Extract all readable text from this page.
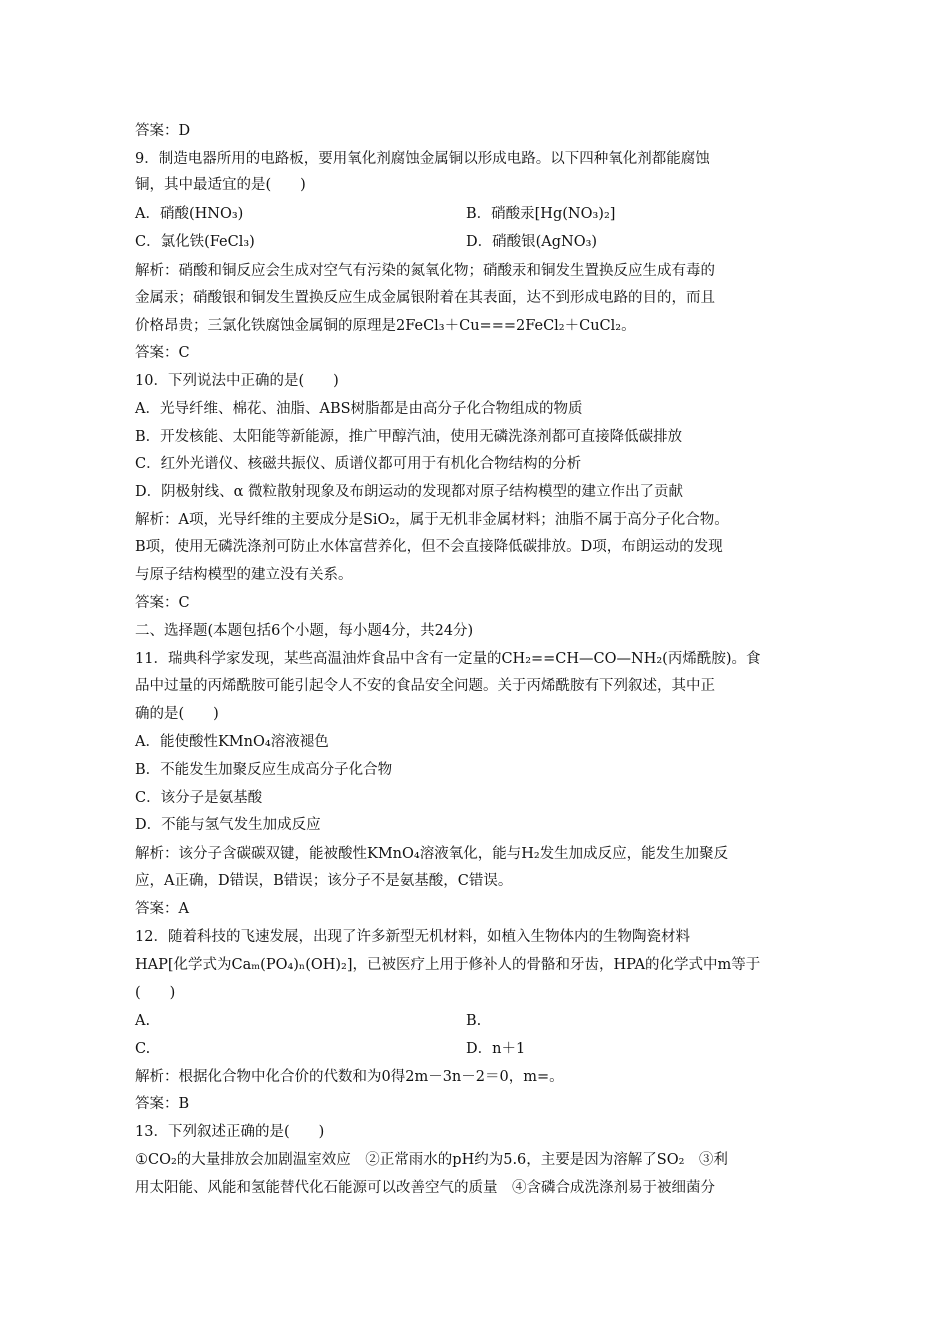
答案：D
9．制造电器所用的电路板，要用氧化剂腐蚀金属铜以形成电路。以下四种氧化剂都能腐蚀
铜，其中最适宜的是(　　)
A．硝酸(HNO₃)	B．硝酸汞[Hg(NO₃)₂]
C．氯化铁(FeCl₃)	D．硝酸银(AgNO₃)
解析：硝酸和铜反应会生成对空气有污染的氮氧化物；硝酸汞和铜发生置换反应生成有毒的
金属汞；硝酸银和铜发生置换反应生成金属银附着在其表面，达不到形成电路的目的，而且
价格昂贵；三氯化铁腐蚀金属铜的原理是2FeCl₃＋Cu===2FeCl₂＋CuCl₂。
答案：C
10．下列说法中正确的是(　　)
A．光导纤维、棉花、油脂、ABS树脂都是由高分子化合物组成的物质
B．开发核能、太阳能等新能源，推广甲醇汽油，使用无磷洗涤剂都可直接降低碳排放
C．红外光谱仪、核磁共振仪、质谱仪都可用于有机化合物结构的分析
D．阴极射线、α 微粒散射现象及布朗运动的发现都对原子结构模型的建立作出了贡献
解析：A项，光导纤维的主要成分是SiO₂，属于无机非金属材料；油脂不属于高分子化合物。
B项，使用无磷洗涤剂可防止水体富营养化，但不会直接降低碳排放。D项，布朗运动的发现
与原子结构模型的建立没有关系。
答案：C
二、选择题(本题包括6个小题，每小题4分，共24分)
11．瑞典科学家发现，某些高温油炸食品中含有一定量的CH₂==CH—CO—NH₂(丙烯酰胺)。食
品中过量的丙烯酰胺可能引起令人不安的食品安全问题。关于丙烯酰胺有下列叙述，其中正
确的是(　　)
A．能使酸性KMnO₄溶液褪色
B．不能发生加聚反应生成高分子化合物
C．该分子是氨基酸
D．不能与氢气发生加成反应
解析：该分子含碳碳双键，能被酸性KMnO₄溶液氧化，能与H₂发生加成反应，能发生加聚反
应，A正确，D错误，B错误；该分子不是氨基酸，C错误。
答案：A
12．随着科技的飞速发展，出现了许多新型无机材料，如植入生物体内的生物陶瓷材料
HAP[化学式为Caₘ(PO₄)ₙ(OH)₂]，已被医疗上用于修补人的骨骼和牙齿，HPA的化学式中m等于
(　　)
A.	B.
C.	D．n＋1
解析：根据化合物中化合价的代数和为0得2m－3n－2＝0，m=。
答案：B
13．下列叙述正确的是(　　)
①CO₂的大量排放会加剧温室效应　②正常雨水的pH约为5.6，主要是因为溶解了SO₂　③利
用太阳能、风能和氢能替代化石能源可以改善空气的质量　④含磷合成洗涤剂易于被细菌分
